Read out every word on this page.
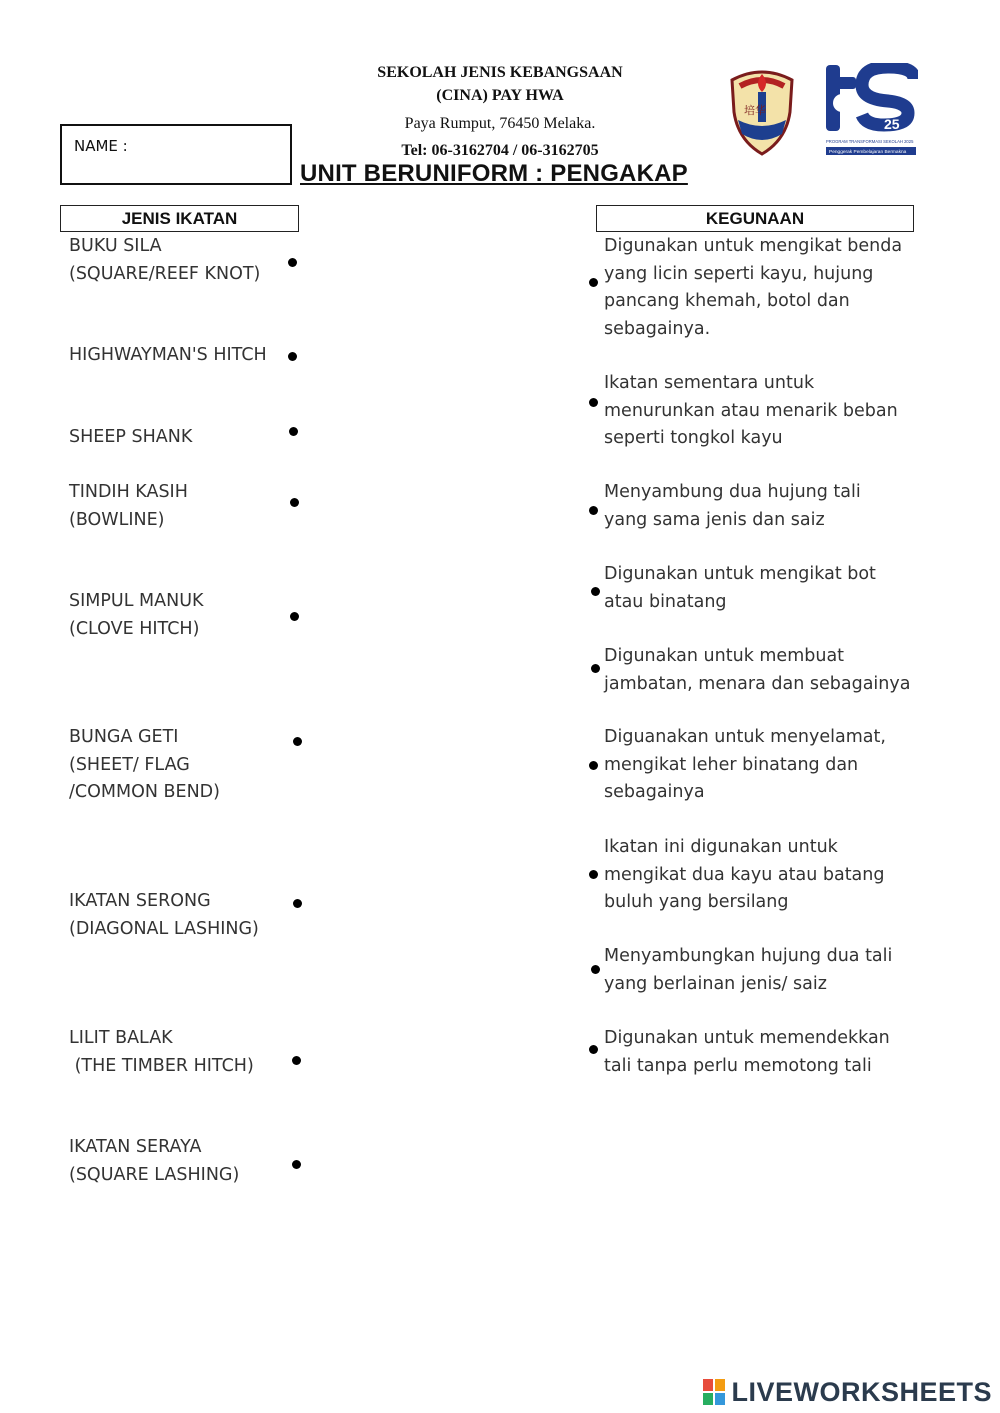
SEKOLAH JENIS KEBANGSAAN
(CINA) PAY HWA
Paya Rumput, 76450 Melaka.
Tel: 06-3162704 / 06-3162705
UNIT BERUNIFORM : PENGAKAP
NAME :
培华
25
PROGRAM TRANSFORMASI SEKOLAH 2025
Penggerak Pembelajaran Bermakna
JENIS IKATAN	KEGUNAAN
BUKU SILA
(SQUARE/REEF KNOT)
HIGHWAYMAN'S HITCH
SHEEP SHANK
TINDIH KASIH
(BOWLINE)
SIMPUL MANUK
(CLOVE HITCH)
BUNGA GETI
(SHEET/ FLAG
/COMMON BEND)
IKATAN SERONG
(DIAGONAL LASHING)
LILIT BALAK
(THE TIMBER HITCH)
IKATAN SERAYA
(SQUARE LASHING)
Digunakan untuk mengikat benda
yang licin seperti kayu, hujung
pancang khemah, botol dan
sebagainya.
Ikatan sementara untuk
menurunkan atau menarik beban
seperti tongkol kayu
Menyambung dua hujung tali
yang sama jenis dan saiz
Digunakan untuk mengikat bot
atau binatang
Digunakan untuk membuat
jambatan, menara dan sebagainya
Diguanakan untuk menyelamat,
mengikat leher binatang dan
sebagainya
Ikatan ini digunakan untuk
mengikat dua kayu atau batang
buluh yang bersilang
Menyambungkan hujung dua tali
yang berlainan jenis/ saiz
Digunakan untuk memendekkan
tali tanpa perlu memotong tali
LIVEWORKSHEETS
